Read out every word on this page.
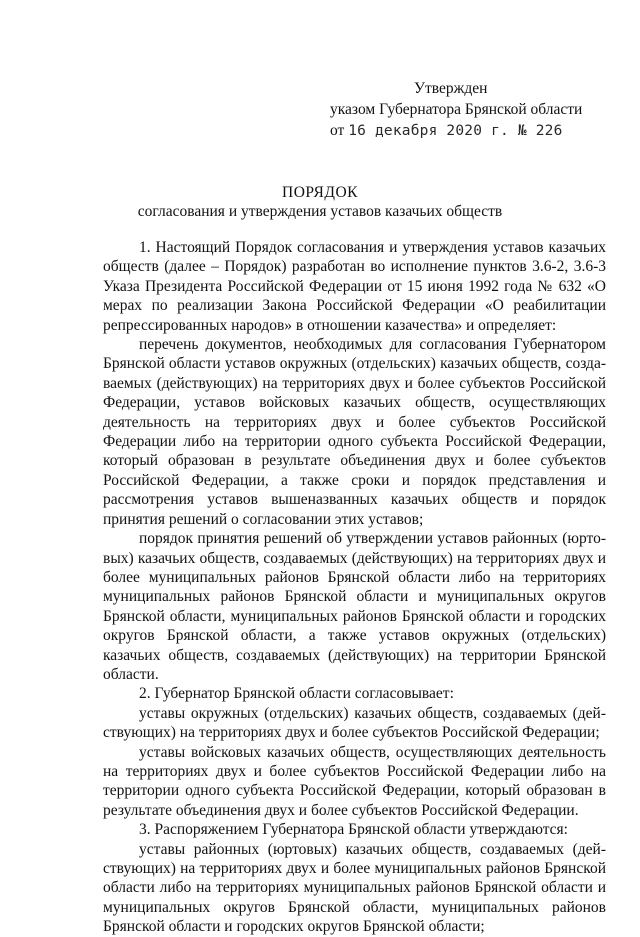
Утвержден
указом Губернатора Брянской области
от 16 декабря 2020 г. № 226
ПОРЯДОК
согласования и утверждения уставов казачьих обществ

1. Настоящий Порядок согласования и утверждения уставов казачьих обществ (далее – Порядок) разработан во исполнение пунктов 3.6-2, 3.6-3 Указа Президента Российской Федерации от 15 июня 1992 года № 632 «О мерах по реализации Закона Российской Федерации «О реабилитации репрессированных народов» в отношении казачества» и определяет:

перечень документов, необходимых для согласования Губернатором Брянской области уставов окружных (отдельских) казачьих обществ, создаваемых (действующих) на территориях двух и более субъектов Российской Федерации, уставов войсковых казачьих обществ, осуществляющих деятельность на территориях двух и более субъектов Российской Федерации либо на территории одного субъекта Российской Федерации, который образован в результате объединения двух и более субъектов Российской Федерации, а также сроки и порядок представления и рассмотрения уставов вышеназванных казачьих обществ и порядок принятия решений о согласовании этих уставов;

порядок принятия решений об утверждении уставов районных (юртовых) казачьих обществ, создаваемых (действующих) на территориях двух и более муниципальных районов Брянской области либо на территориях муниципальных районов Брянской области и муниципальных округов Брянской области, муниципальных районов Брянской области и городских округов Брянской области, а также уставов окружных (отдельских) казачьих обществ, создаваемых (действующих) на территории Брянской области.

2. Губернатор Брянской области согласовывает:

уставы окружных (отдельских) казачьих обществ, создаваемых (действующих) на территориях двух и более субъектов Российской Федерации;

уставы войсковых казачьих обществ, осуществляющих деятельность на территориях двух и более субъектов Российской Федерации либо на территории одного субъекта Российской Федерации, который образован в результате объединения двух и более субъектов Российской Федерации.

3. Распоряжением Губернатора Брянской области утверждаются:

уставы районных (юртовых) казачьих обществ, создаваемых (действующих) на территориях двух и более муниципальных районов Брянской области либо на территориях муниципальных районов Брянской области и муниципальных округов Брянской области, муниципальных районов Брянской области и городских округов Брянской области;
